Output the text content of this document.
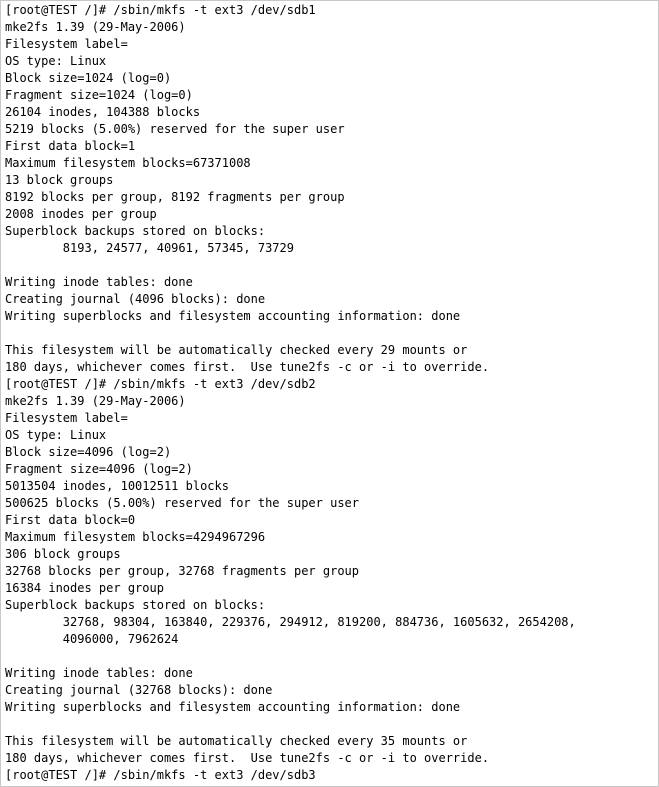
[root@TEST /]# /sbin/mkfs -t ext3 /dev/sdb1
mke2fs 1.39 (29-May-2006)
Filesystem label=
OS type: Linux
Block size=1024 (log=0)
Fragment size=1024 (log=0)
26104 inodes, 104388 blocks
5219 blocks (5.00%) reserved for the super user
First data block=1
Maximum filesystem blocks=67371008
13 block groups
8192 blocks per group, 8192 fragments per group
2008 inodes per group
Superblock backups stored on blocks:
8193, 24577, 40961, 57345, 73729
Writing inode tables: done
Creating journal (4096 blocks): done
Writing superblocks and filesystem accounting information: done
This filesystem will be automatically checked every 29 mounts or
180 days, whichever comes first.  Use tune2fs -c or -i to override.
[root@TEST /]# /sbin/mkfs -t ext3 /dev/sdb2
mke2fs 1.39 (29-May-2006)
Filesystem label=
OS type: Linux
Block size=4096 (log=2)
Fragment size=4096 (log=2)
5013504 inodes, 10012511 blocks
500625 blocks (5.00%) reserved for the super user
First data block=0
Maximum filesystem blocks=4294967296
306 block groups
32768 blocks per group, 32768 fragments per group
16384 inodes per group
Superblock backups stored on blocks:
32768, 98304, 163840, 229376, 294912, 819200, 884736, 1605632, 2654208,
4096000, 7962624
Writing inode tables: done
Creating journal (32768 blocks): done
Writing superblocks and filesystem accounting information: done
This filesystem will be automatically checked every 35 mounts or
180 days, whichever comes first.  Use tune2fs -c or -i to override.
[root@TEST /]# /sbin/mkfs -t ext3 /dev/sdb3
